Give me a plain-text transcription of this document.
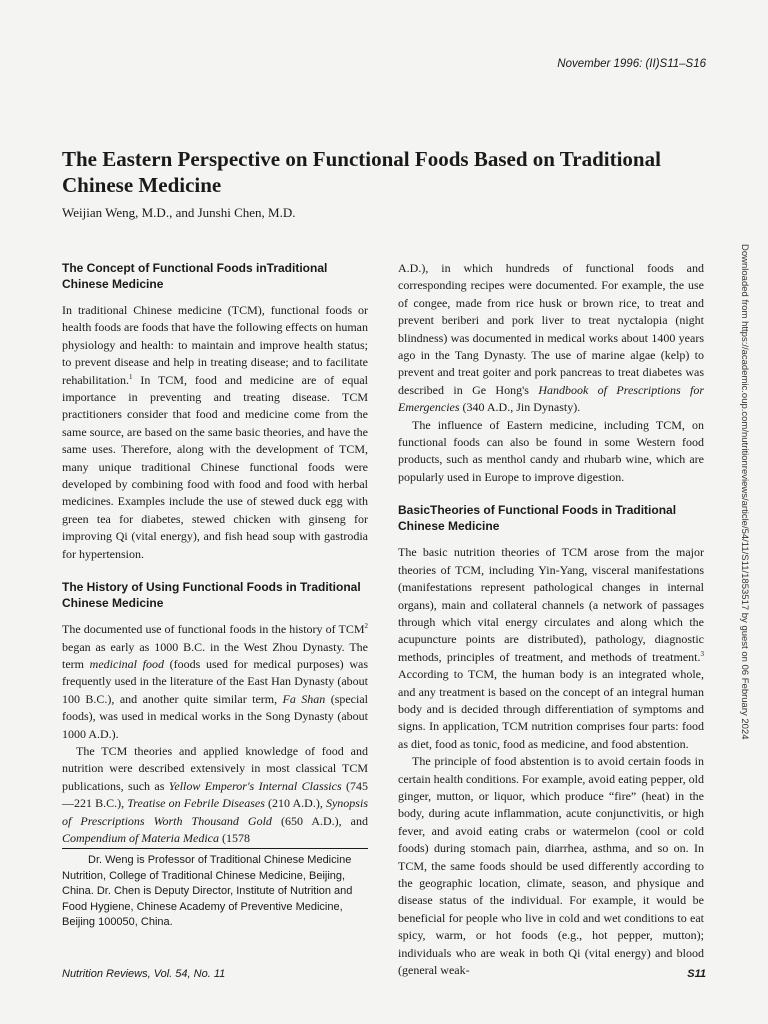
November 1996: (II)S11–S16
The Eastern Perspective on Functional Foods Based on Traditional Chinese Medicine
Weijian Weng, M.D., and Junshi Chen, M.D.
The Concept of Functional Foods inTraditional Chinese Medicine

In traditional Chinese medicine (TCM), functional foods or health foods are foods that have the following effects on human physiology and health: to maintain and improve health status; to prevent disease and help in treating disease; and to facilitate rehabilitation.$^1$ In TCM, food and medicine are of equal importance in preventing and treating disease. TCM practitioners consider that food and medicine come from the same source, are based on the same basic theories, and have the same uses. Therefore, along with the development of TCM, many unique traditional Chinese functional foods were developed by combining food with food and food with herbal medicines. Examples include the use of stewed duck egg with green tea for diabetes, stewed chicken with ginseng for improving Qi (vital energy), and fish head soup with gastrodia for hypertension.

The History of Using Functional Foods in Traditional Chinese Medicine

The documented use of functional foods in the history of TCM$^2$ began as early as 1000 B.C. in the West Zhou Dynasty. The term medicinal food (foods used for medical purposes) was frequently used in the literature of the East Han Dynasty (about 100 B.C.), and another quite similar term, Fa Shan (special foods), was used in medical works in the Song Dynasty (about 1000 A.D.).

The TCM theories and applied knowledge of food and nutrition were described extensively in most classical TCM publications, such as Yellow Emperor's Internal Classics (745—221 B.C.), Treatise on Febrile Diseases (210 A.D.), Synopsis of Prescriptions Worth Thousand Gold (650 A.D.), and Compendium of Materia Medica (1578

Dr. Weng is Professor of Traditional Chinese Medicine Nutrition, College of Traditional Chinese Medicine, Beijing, China. Dr. Chen is Deputy Director, Institute of Nutrition and Food Hygiene, Chinese Academy of Preventive Medicine, Beijing 100050, China.

A.D.), in which hundreds of functional foods and corresponding recipes were documented. For example, the use of congee, made from rice husk or brown rice, to treat and prevent beriberi and pork liver to treat nyctalopia (night blindness) was documented in medical works about 1400 years ago in the Tang Dynasty. The use of marine algae (kelp) to prevent and treat goiter and pork pancreas to treat diabetes was described in Ge Hong's Handbook of Prescriptions for Emergencies (340 A.D., Jin Dynasty).

The influence of Eastern medicine, including TCM, on functional foods can also be found in some Western food products, such as menthol candy and rhubarb wine, which are popularly used in Europe to improve digestion.

BasicTheories of Functional Foods in Traditional Chinese Medicine

The basic nutrition theories of TCM arose from the major theories of TCM, including Yin-Yang, visceral manifestations (manifestations represent pathological changes in internal organs), main and collateral channels (a network of passages through which vital energy circulates and along which the acupuncture points are distributed), pathology, diagnostic methods, principles of treatment, and methods of treatment.$^3$ According to TCM, the human body is an integrated whole, and any treatment is based on the concept of an integral human body and is decided through differentiation of symptoms and signs. In application, TCM nutrition comprises four parts: food as diet, food as tonic, food as medicine, and food abstention.

The principle of food abstention is to avoid certain foods in certain health conditions. For example, avoid eating pepper, old ginger, mutton, or liquor, which produce “fire” (heat) in the body, during acute inflammation, acute conjunctivitis, or high fever, and avoid eating crabs or watermelon (cool or cold foods) during stomach pain, diarrhea, asthma, and so on. In TCM, the same foods should be used differently according to the geographic location, climate, season, and physique and disease status of the individual. For example, it would be beneficial for people who live in cold and wet conditions to eat spicy, warm, or hot foods (e.g., hot pepper, mutton); individuals who are weak in both Qi (vital energy) and blood (general weak-

Nutrition Reviews, Vol. 54, No. 11	S11
Downloaded from https://academic.oup.com/nutritionreviews/article/54/11/S11/1853517 by guest on 06 February 2024
